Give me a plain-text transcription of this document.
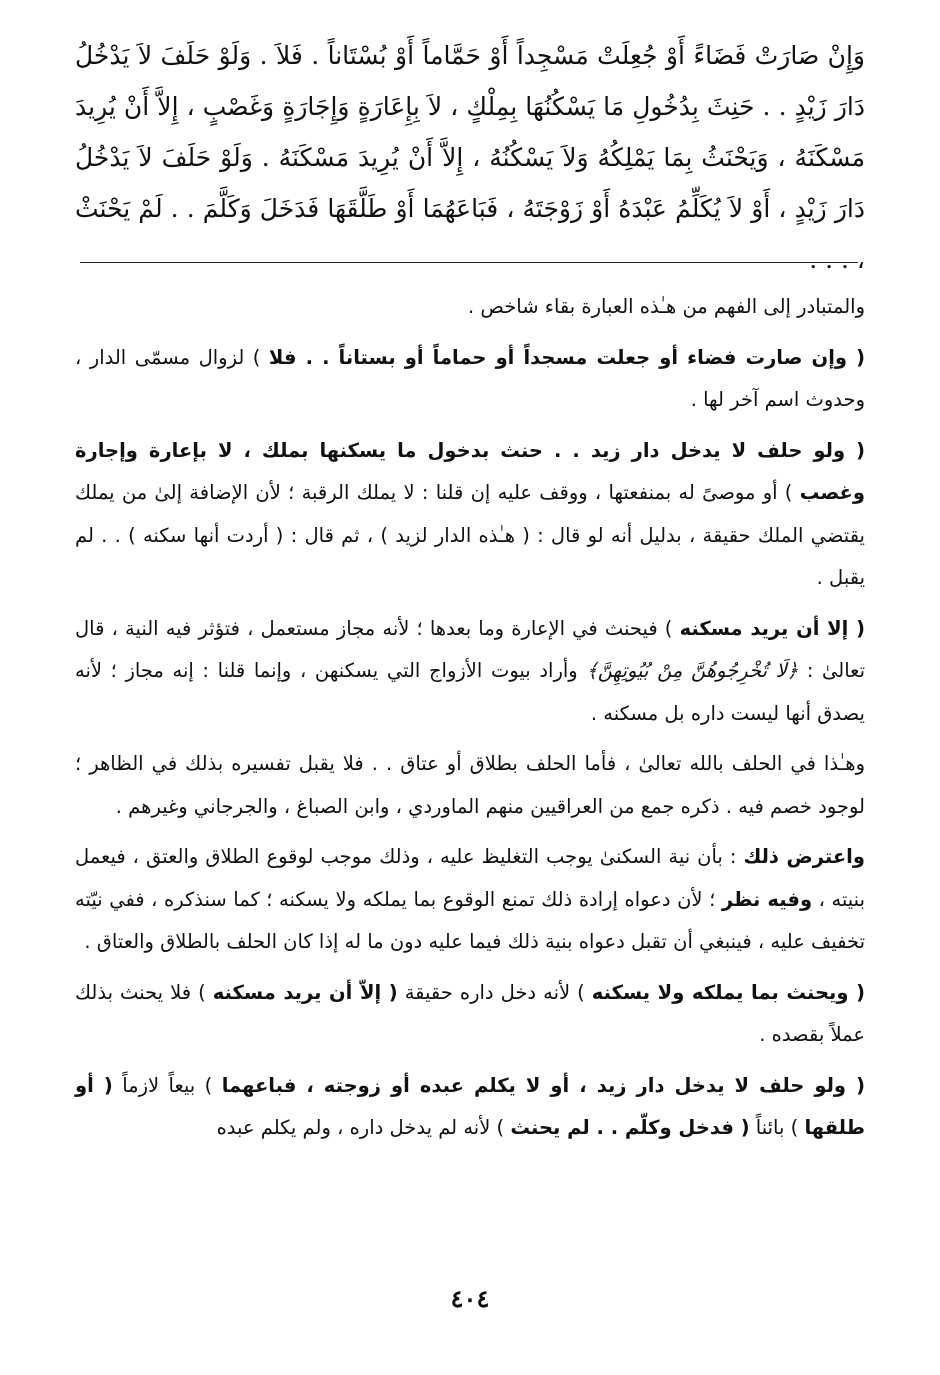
وَإِنْ صَارَتْ فَضَاءً أَوْ جُعِلَتْ مَسْجِداً أَوْ حَمَّاماً أَوْ بُسْتَاناً . فَلاَ . وَلَوْ حَلَفَ لاَ يَدْخُلُ دَارَ زَيْدٍ . . حَنِثَ بِدُخُولِ مَا يَسْكُنُهَا بِمِلْكٍ ، لاَ بِإِعَارَةٍ وَإِجَارَةٍ وَغَصْبٍ ، إِلاَّ أَنْ يُرِيدَ مَسْكَنَهُ ، وَيَحْنَثُ بِمَا يَمْلِكُهُ وَلاَ يَسْكُنُهُ ، إِلاَّ أَنْ يُرِيدَ مَسْكَنَهُ . وَلَوْ حَلَفَ لاَ يَدْخُلُ دَارَ زَيْدٍ ، أَوْ لاَ يُكَلِّمُ عَبْدَهُ أَوْ زَوْجَتَهُ ، فَبَاعَهُمَا أَوْ طَلَّقَهَا فَدَخَلَ وَكَلَّمَ . . لَمْ يَحْنَثْ ، . . .

والمتبادر إلى الفهم من هـٰذه العبارة بقاء شاخص .

( وإن صارت فضاء أو جعلت مسجداً أو حماماً أو بستاناً . . فلا ) لزوال مسمّى الدار ، وحدوث اسم آخر لها .

( ولو حلف لا يدخل دار زيد . . حنث بدخول ما يسكنها بملك ، لا بإعارة وإجارة وغصب ) أو موصىً له بمنفعتها ، ووقف عليه إن قلنا : لا يملك الرقبة ؛ لأن الإضافة إلىٰ من يملك يقتضي الملك حقيقة ، بدليل أنه لو قال : ( هـٰذه الدار لزيد ) ، ثم قال : ( أردت أنها سكنه ) . . لم يقبل .

( إلا أن يريد مسكنه ) فيحنث في الإعارة وما بعدها ؛ لأنه مجاز مستعمل ، فتؤثر فيه النية ، قال تعالىٰ : ﴿لَا تُخْرِجُوهُنَّ مِنْ بُيُوتِهِنَّ﴾ وأراد بيوت الأزواج التي يسكنهن ، وإنما قلنا : إنه مجاز ؛ لأنه يصدق أنها ليست داره بل مسكنه .

وهـٰذا في الحلف بالله تعالىٰ ، فأما الحلف بطلاق أو عتاق . . فلا يقبل تفسيره بذلك في الظاهر ؛ لوجود خصم فيه . ذكره جمع من العراقيين منهم الماوردي ، وابن الصباغ ، والجرجاني وغيرهم .

واعترض ذلك : بأن نية السكنىٰ يوجب التغليظ عليه ، وذلك موجب لوقوع الطلاق والعتق ، فيعمل بنيته ، وفيه نظر ؛ لأن دعواه إرادة ذلك تمنع الوقوع بما يملكه ولا يسكنه ؛ كما سنذكره ، ففي نيّته تخفيف عليه ، فينبغي أن تقبل دعواه بنية ذلك فيما عليه دون ما له إذا كان الحلف بالطلاق والعتاق .

( ويحنث بما يملكه ولا يسكنه ) لأنه دخل داره حقيقة ( إلاّ أن يريد مسكنه ) فلا يحنث بذلك عملاً بقصده .

( ولو حلف لا يدخل دار زيد ، أو لا يكلم عبده أو زوجته ، فباعهما ) بيعاً لازماً ( أو طلقها ) بائناً ( فدخل وكلّم . . لم يحنث ) لأنه لم يدخل داره ، ولم يكلم عبده

٤٠٤
